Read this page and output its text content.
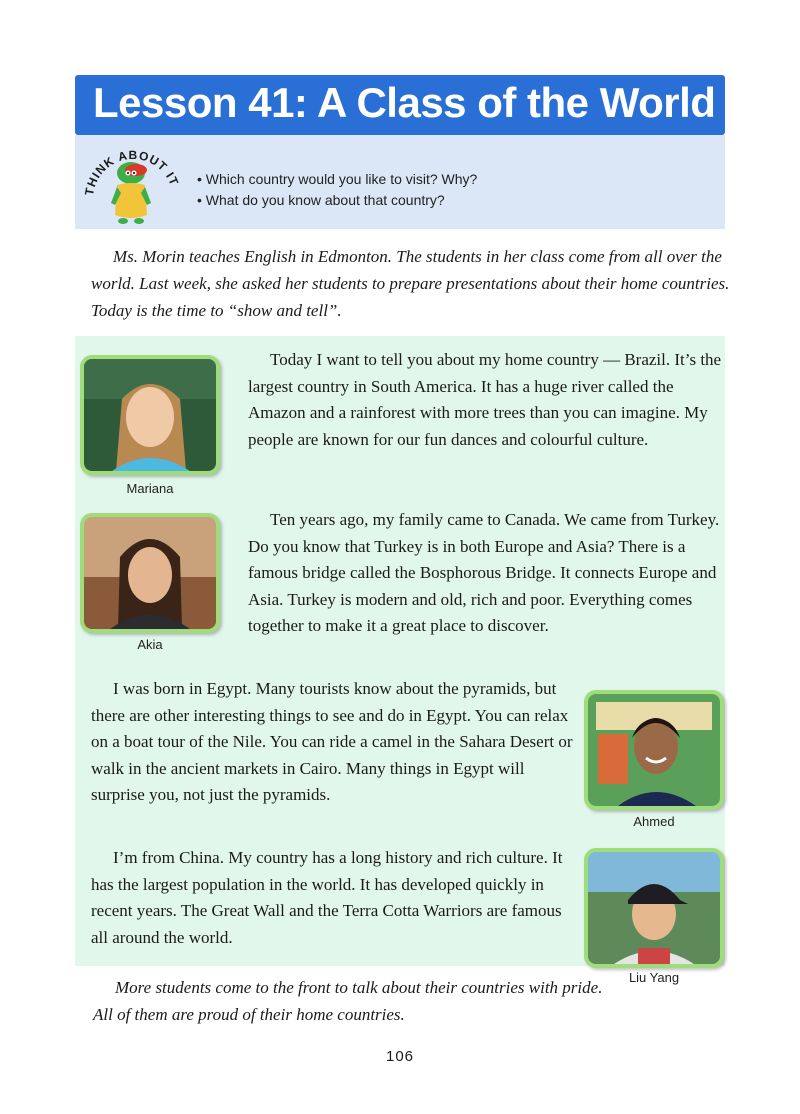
Lesson 41: A Class of the World
THINK ABOUT IT
•	Which country would you like to visit? Why?
• What do you know about that country?

Ms. Morin teaches English in Edmonton. The students in her class come from all over the world. Last week, she asked her students to prepare presentations about their home countries. Today is the time to “show and tell”.

Mariana

Today I want to tell you about my home country — Brazil. It’s the largest country in South America. It has a huge river called the Amazon and a rainforest with more trees than you can imagine. My people are known for our fun dances and colourful culture.

Akia

Ten years ago, my family came to Canada. We came from Turkey. Do you know that Turkey is in both Europe and Asia? There is a famous bridge called the Bosphorous Bridge. It connects Europe and Asia. Turkey is modern and old, rich and poor. Everything comes together to make it a great place to discover.

I was born in Egypt. Many tourists know about the pyramids, but there are other interesting things to see and do in Egypt. You can relax on a boat tour of the Nile. You can ride a camel in the Sahara Desert or walk in the ancient markets in Cairo. Many things in Egypt will surprise you, not just the pyramids.

Ahmed

I’m from China. My country has a long history and rich culture. It has the largest population in the world. It has developed quickly in recent years. The Great Wall and the Terra Cotta Warriors are famous all around the world.

Liu Yang

More students come to the front to talk about their countries with pride. All of them are proud of their home countries.

106
